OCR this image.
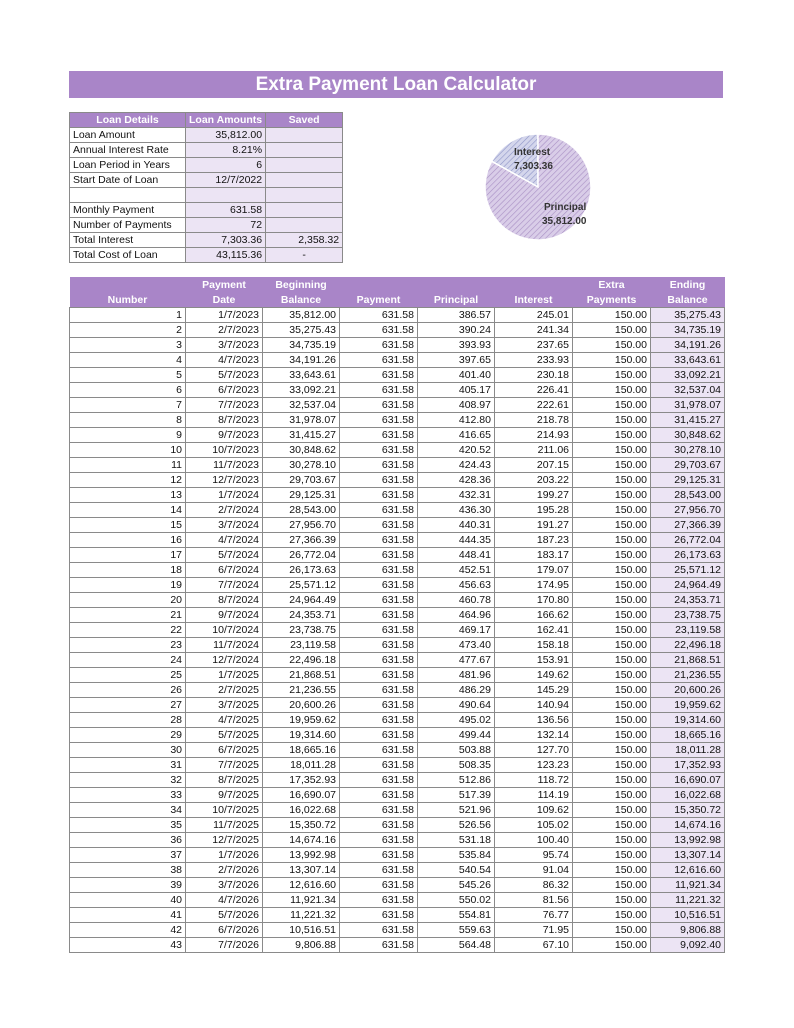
Extra Payment Loan Calculator
Loan Details	Loan Amounts	Saved
Loan Amount	35,812.00	
Annual Interest Rate	8.21%	
Loan Period in Years	6	
Start Date of Loan	12/7/2022	

Monthly Payment	631.58	
Number of Payments	72	
Total Interest	7,303.36	2,358.32
Total Cost of Loan	43,115.36	-
Interest
7,303.36
Principal
35,812.00
	Payment	Beginning				Extra	Ending
Number	Date	Balance	Payment	Principal	Interest	Payments	Balance
1	1/7/2023	35,812.00	631.58	386.57	245.01	150.00	35,275.43
2	2/7/2023	35,275.43	631.58	390.24	241.34	150.00	34,735.19
3	3/7/2023	34,735.19	631.58	393.93	237.65	150.00	34,191.26
4	4/7/2023	34,191.26	631.58	397.65	233.93	150.00	33,643.61
5	5/7/2023	33,643.61	631.58	401.40	230.18	150.00	33,092.21
6	6/7/2023	33,092.21	631.58	405.17	226.41	150.00	32,537.04
7	7/7/2023	32,537.04	631.58	408.97	222.61	150.00	31,978.07
8	8/7/2023	31,978.07	631.58	412.80	218.78	150.00	31,415.27
9	9/7/2023	31,415.27	631.58	416.65	214.93	150.00	30,848.62
10	10/7/2023	30,848.62	631.58	420.52	211.06	150.00	30,278.10
11	11/7/2023	30,278.10	631.58	424.43	207.15	150.00	29,703.67
12	12/7/2023	29,703.67	631.58	428.36	203.22	150.00	29,125.31
13	1/7/2024	29,125.31	631.58	432.31	199.27	150.00	28,543.00
14	2/7/2024	28,543.00	631.58	436.30	195.28	150.00	27,956.70
15	3/7/2024	27,956.70	631.58	440.31	191.27	150.00	27,366.39
16	4/7/2024	27,366.39	631.58	444.35	187.23	150.00	26,772.04
17	5/7/2024	26,772.04	631.58	448.41	183.17	150.00	26,173.63
18	6/7/2024	26,173.63	631.58	452.51	179.07	150.00	25,571.12
19	7/7/2024	25,571.12	631.58	456.63	174.95	150.00	24,964.49
20	8/7/2024	24,964.49	631.58	460.78	170.80	150.00	24,353.71
21	9/7/2024	24,353.71	631.58	464.96	166.62	150.00	23,738.75
22	10/7/2024	23,738.75	631.58	469.17	162.41	150.00	23,119.58
23	11/7/2024	23,119.58	631.58	473.40	158.18	150.00	22,496.18
24	12/7/2024	22,496.18	631.58	477.67	153.91	150.00	21,868.51
25	1/7/2025	21,868.51	631.58	481.96	149.62	150.00	21,236.55
26	2/7/2025	21,236.55	631.58	486.29	145.29	150.00	20,600.26
27	3/7/2025	20,600.26	631.58	490.64	140.94	150.00	19,959.62
28	4/7/2025	19,959.62	631.58	495.02	136.56	150.00	19,314.60
29	5/7/2025	19,314.60	631.58	499.44	132.14	150.00	18,665.16
30	6/7/2025	18,665.16	631.58	503.88	127.70	150.00	18,011.28
31	7/7/2025	18,011.28	631.58	508.35	123.23	150.00	17,352.93
32	8/7/2025	17,352.93	631.58	512.86	118.72	150.00	16,690.07
33	9/7/2025	16,690.07	631.58	517.39	114.19	150.00	16,022.68
34	10/7/2025	16,022.68	631.58	521.96	109.62	150.00	15,350.72
35	11/7/2025	15,350.72	631.58	526.56	105.02	150.00	14,674.16
36	12/7/2025	14,674.16	631.58	531.18	100.40	150.00	13,992.98
37	1/7/2026	13,992.98	631.58	535.84	95.74	150.00	13,307.14
38	2/7/2026	13,307.14	631.58	540.54	91.04	150.00	12,616.60
39	3/7/2026	12,616.60	631.58	545.26	86.32	150.00	11,921.34
40	4/7/2026	11,921.34	631.58	550.02	81.56	150.00	11,221.32
41	5/7/2026	11,221.32	631.58	554.81	76.77	150.00	10,516.51
42	6/7/2026	10,516.51	631.58	559.63	71.95	150.00	9,806.88
43	7/7/2026	9,806.88	631.58	564.48	67.10	150.00	9,092.40
